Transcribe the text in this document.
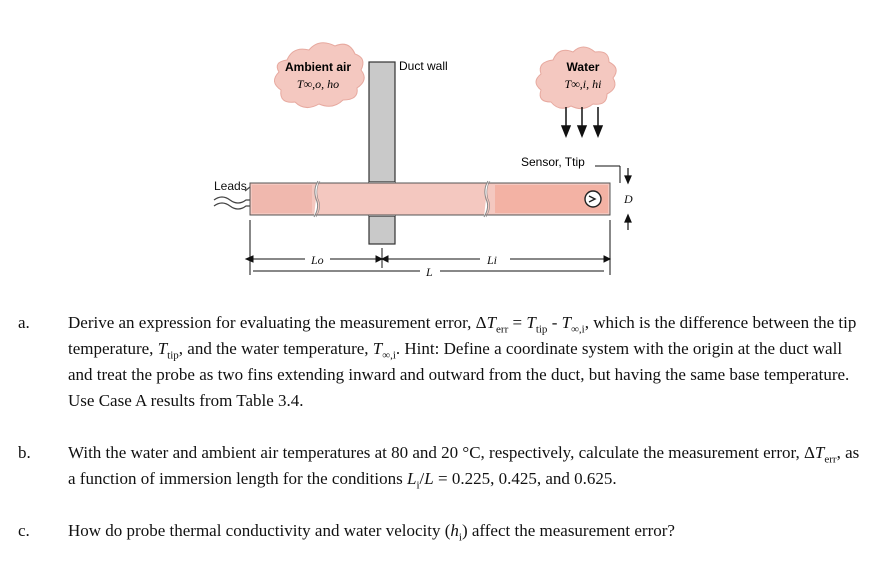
Ambient air
T∞,o, ho
Water
T∞,i, hi
Duct wall
Leads
Sensor, Ttip
D
Lo	Li
L
a.	Derive an expression for evaluating the measurement error, $\Delta T_{err} = T_{tip} - T_{\infty,i}$, which is the difference between the tip temperature, $T_{tip}$, and the water temperature, $T_{\infty,i}$. Hint: Define a coordinate system with the origin at the duct wall and treat the probe as two fins extending inward and outward from the duct, but having the same base temperature. Use Case A results from Table 3.4.
b.	With the water and ambient air temperatures at 80 and 20 °C, respectively, calculate the measurement error, $\Delta T_{err}$, as a function of immersion length for the conditions $L_i/L = 0.225$, 0.425, and 0.625.
c.	How do probe thermal conductivity and water velocity $(h_i)$ affect the measurement error?
